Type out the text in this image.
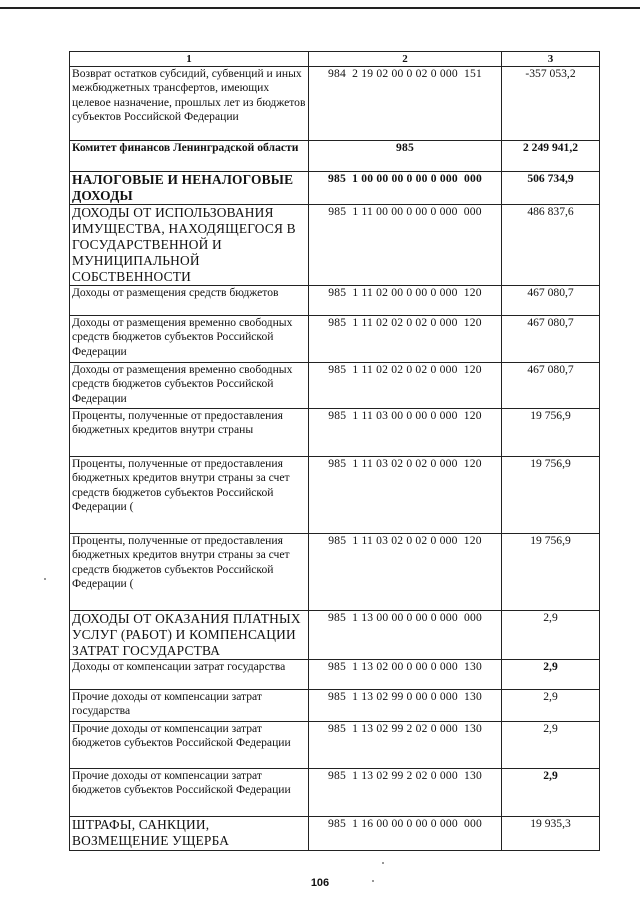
1	2	3
Возврат остатков субсидий, субвенций и иных межбюджетных трансфертов, имеющих целевое назначение, прошлых лет из бюджетов субъектов Российской Федерации	984  2 19 02 00 0 02 0 000  151	-357 053,2
Комитет финансов Ленинградской области	985	2 249 941,2
НАЛОГОВЫЕ И НЕНАЛОГОВЫЕ ДОХОДЫ	985  1 00 00 00 0 00 0 000  000	506 734,9
ДОХОДЫ ОТ ИСПОЛЬЗОВАНИЯ ИМУЩЕСТВА, НАХОДЯЩЕГОСЯ В ГОСУДАРСТВЕННОЙ И МУНИЦИПАЛЬНОЙ СОБСТВЕННОСТИ	985  1 11 00 00 0 00 0 000  000	486 837,6
Доходы от размещения средств бюджетов	985  1 11 02 00 0 00 0 000  120	467 080,7
Доходы от размещения временно свободных средств бюджетов субъектов Российской Федерации	985  1 11 02 02 0 02 0 000  120	467 080,7
Доходы от размещения временно свободных средств бюджетов субъектов Российской Федерации	985  1 11 02 02 0 02 0 000  120	467 080,7
Проценты, полученные от предоставления бюджетных кредитов внутри страны	985  1 11 03 00 0 00 0 000  120	19 756,9
Проценты, полученные от предоставления бюджетных кредитов внутри страны за счет средств бюджетов субъектов Российской Федерации (	985  1 11 03 02 0 02 0 000  120	19 756,9
Проценты, полученные от предоставления бюджетных кредитов внутри страны за счет средств бюджетов субъектов Российской Федерации (	985  1 11 03 02 0 02 0 000  120	19 756,9
ДОХОДЫ ОТ ОКАЗАНИЯ ПЛАТНЫХ УСЛУГ (РАБОТ) И КОМПЕНСАЦИИ ЗАТРАТ ГОСУДАРСТВА	985  1 13 00 00 0 00 0 000  000	2,9
Доходы от компенсации затрат государства	985  1 13 02 00 0 00 0 000  130	2,9
Прочие доходы от компенсации затрат государства	985  1 13 02 99 0 00 0 000  130	2,9
Прочие доходы от компенсации затрат бюджетов субъектов Российской Федерации	985  1 13 02 99 2 02 0 000  130	2,9
Прочие доходы от компенсации затрат бюджетов субъектов Российской Федерации	985  1 13 02 99 2 02 0 000  130	2,9
ШТРАФЫ, САНКЦИИ, ВОЗМЕЩЕНИЕ УЩЕРБА	985  1 16 00 00 0 00 0 000  000	19 935,3
106
